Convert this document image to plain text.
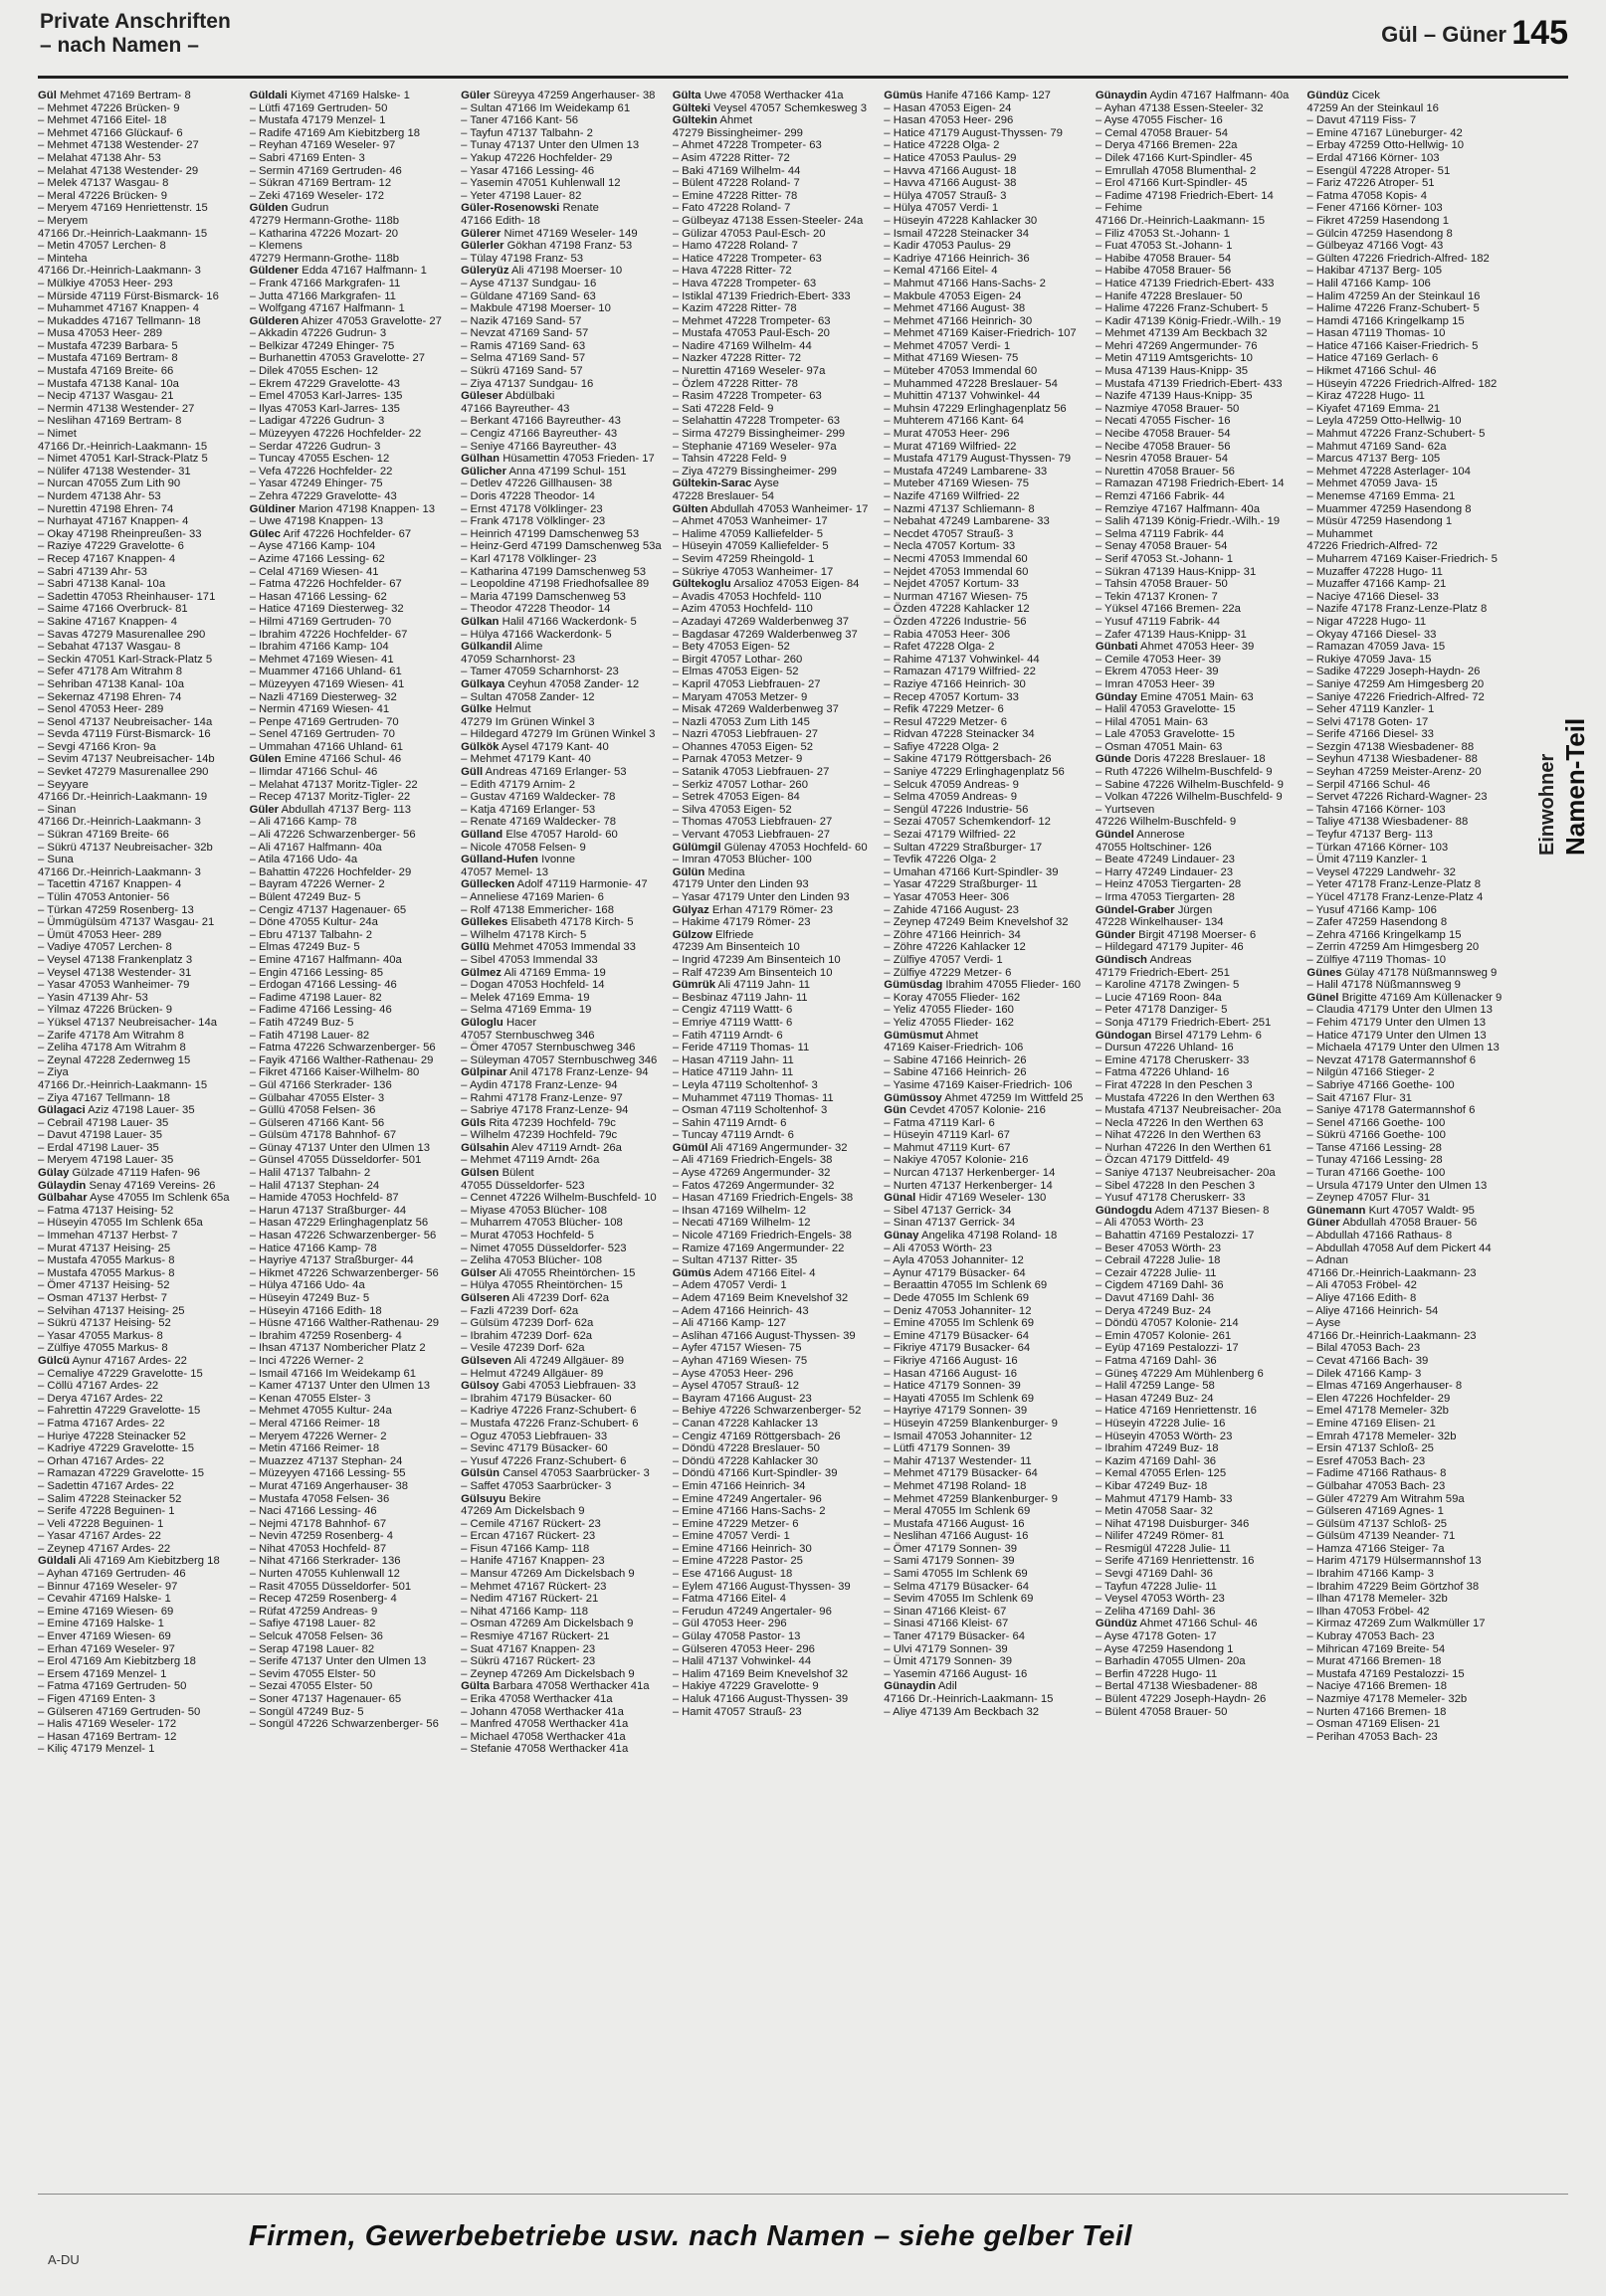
Private Anschriften
– nach Namen –	Gül – Güner 145
Gül Mehmet 47169 Bertram- 8
– Mehmet 47226 Brücken- 9
– Mehmet 47166 Eitel- 18
– Mehmet 47166 Glückauf- 6
– Mehmet 47138 Westender- 27
– Melahat 47138 Ahr- 53
– Melahat 47138 Westender- 29
– Melek 47137 Wasgau- 8
– Meral 47226 Brücken- 9
– Meryem 47169 Henriettenstr. 15
– Meryem
47166 Dr.-Heinrich-Laakmann- 15
– Metin 47057 Lerchen- 8
– Minteha
47166 Dr.-Heinrich-Laakmann- 3
– Mülkiye 47053 Heer- 293
– Mürside 47119 Fürst-Bismarck- 16
– Muhammet 47167 Knappen- 4
– Mukaddes 47167 Tellmann- 18
– Musa 47053 Heer- 289
– Mustafa 47239 Barbara- 5
– Mustafa 47169 Bertram- 8
– Mustafa 47169 Breite- 66
– Mustafa 47138 Kanal- 10a
– Necip 47137 Wasgau- 21
– Nermin 47138 Westender- 27
– Neslihan 47169 Bertram- 8
– Nimet
47166 Dr.-Heinrich-Laakmann- 15
– Nimet 47051 Karl-Strack-Platz 5
– Nülifer 47138 Westender- 31
– Nurcan 47055 Zum Lith 90
– Nurdem 47138 Ahr- 53
– Nurettin 47198 Ehren- 74
– Nurhayat 47167 Knappen- 4
– Okay 47198 Rheinpreußen- 33
– Raziye 47229 Gravelotte- 6
– Recep 47167 Knappen- 4
– Sabri 47139 Ahr- 53
– Sabri 47138 Kanal- 10a
– Sadettin 47053 Rheinhauser- 171
– Saime 47166 Overbruck- 81
– Sakine 47167 Knappen- 4
– Savas 47279 Masurenallee 290
– Sebahat 47137 Wasgau- 8
– Seckin 47051 Karl-Strack-Platz 5
– Sefer 47178 Am Witrahm 8
– Sehriban 47138 Kanal- 10a
– Sekernaz 47198 Ehren- 74
– Senol 47053 Heer- 289
– Senol 47137 Neubreisacher- 14a
– Sevda 47119 Fürst-Bismarck- 16
– Sevgi 47166 Kron- 9a
– Sevim 47137 Neubreisacher- 14b
– Sevket 47279 Masurenallee 290
– Seyyare
47166 Dr.-Heinrich-Laakmann- 19
– Sinan
47166 Dr.-Heinrich-Laakmann- 3
– Sükran 47169 Breite- 66
– Sükrü 47137 Neubreisacher- 32b
– Suna
47166 Dr.-Heinrich-Laakmann- 3
– Tacettin 47167 Knappen- 4
– Tülin 47053 Antonier- 56
– Türkan 47259 Rosenberg- 13
– Ümmügülsüm 47137 Wasgau- 21
– Ümüt 47053 Heer- 289
– Vadiye 47057 Lerchen- 8
– Veysel 47138 Frankenplatz 3
– Veysel 47138 Westender- 31
– Yasar 47053 Wanheimer- 79
– Yasin 47139 Ahr- 53
– Yilmaz 47226 Brücken- 9
– Yüksel 47137 Neubreisacher- 14a
– Zarife 47178 Am Witrahm 8
– Zeliha 47178 Am Witrahm 8
– Zeynal 47228 Zedernweg 15
– Ziya
47166 Dr.-Heinrich-Laakmann- 15
– Ziya 47167 Tellmann- 18
Gülagaci Aziz 47198 Lauer- 35
– Cebrail 47198 Lauer- 35
– Davut 47198 Lauer- 35
– Erdal 47198 Lauer- 35
– Meryem 47198 Lauer- 35
Gülay Gülzade 47119 Hafen- 96
Gülaydin Senay 47169 Vereins- 26
Gülbahar Ayse 47055 Im Schlenk 65a
– Fatma 47137 Heising- 52
– Hüseyin 47055 Im Schlenk 65a
– Immehan 47137 Herbst- 7
– Murat 47137 Heising- 25
– Mustafa 47055 Markus- 8
– Mustafa 47055 Markus- 8
– Ömer 47137 Heising- 52
– Osman 47137 Herbst- 7
– Selvihan 47137 Heising- 25
– Sükrü 47137 Heising- 52
– Yasar 47055 Markus- 8
– Zülfiye 47055 Markus- 8
Gülcü Aynur 47167 Ardes- 22
– Cemaliye 47229 Gravelotte- 15
– Cöllü 47167 Ardes- 22
– Derya 47167 Ardes- 22
– Fahrettin 47229 Gravelotte- 15
– Fatma 47167 Ardes- 22
– Huriye 47228 Steinacker 52
– Kadriye 47229 Gravelotte- 15
– Orhan 47167 Ardes- 22
– Ramazan 47229 Gravelotte- 15
– Sadettin 47167 Ardes- 22
– Salim 47228 Steinacker 52
– Serife 47228 Beguinen- 1
– Veli 47228 Beguinen- 1
– Yasar 47167 Ardes- 22
– Zeynep 47167 Ardes- 22
Güldali Ali 47169 Am Kiebitzberg 18
– Ayhan 47169 Gertruden- 46
– Binnur 47169 Weseler- 97
– Cevahir 47169 Halske- 1
– Emine 47169 Wiesen- 69
– Emine 47169 Halske- 1
– Enver 47169 Wiesen- 69
– Erhan 47169 Weseler- 97
– Erol 47169 Am Kiebitzberg 18
– Ersem 47169 Menzel- 1
– Fatma 47169 Gertruden- 50
– Figen 47169 Enten- 3
– Gülseren 47169 Gertruden- 50
– Halis 47169 Weseler- 172
– Hasan 47169 Bertram- 12
– Kiliç 47179 Menzel- 1
Güldali Kiymet 47169 Halske- 1
– Lütfi 47169 Gertruden- 50
– Mustafa 47179 Menzel- 1
– Radife 47169 Am Kiebitzberg 18
– Reyhan 47169 Weseler- 97
– Sabri 47169 Enten- 3
– Sermin 47169 Gertruden- 46
– Sükran 47169 Bertram- 12
– Zeki 47169 Weseler- 172
Gülden Gudrun
47279 Hermann-Grothe- 118b
– Katharina 47226 Mozart- 20
– Klemens
47279 Hermann-Grothe- 118b
Güldener Edda 47167 Halfmann- 1
– Frank 47166 Markgrafen- 11
– Jutta 47166 Markgrafen- 11
– Wolfgang 47167 Halfmann- 1
Gülderen Ahizer 47053 Gravelotte- 27
– Akkadin 47226 Gudrun- 3
– Belkizar 47249 Ehinger- 75
– Burhanettin 47053 Gravelotte- 27
– Dilek 47055 Eschen- 12
– Ekrem 47229 Gravelotte- 43
– Emel 47053 Karl-Jarres- 135
– Ilyas 47053 Karl-Jarres- 135
– Ladigar 47226 Gudrun- 3
– Müzeyyen 47226 Hochfelder- 22
– Serdar 47226 Gudrun- 3
– Tuncay 47055 Eschen- 12
– Vefa 47226 Hochfelder- 22
– Yasar 47249 Ehinger- 75
– Zehra 47229 Gravelotte- 43
Güldiner Marion 47198 Knappen- 13
– Uwe 47198 Knappen- 13
Gülec Arif 47226 Hochfelder- 67
– Ayse 47166 Kamp- 104
– Azime 47166 Lessing- 62
– Celal 47169 Wiesen- 41
– Fatma 47226 Hochfelder- 67
– Hasan 47166 Lessing- 62
– Hatice 47169 Diesterweg- 32
– Hilmi 47169 Gertruden- 70
– Ibrahim 47226 Hochfelder- 67
– Ibrahim 47166 Kamp- 104
– Mehmet 47169 Wiesen- 41
– Muammer 47166 Uhland- 61
– Müzeyyen 47169 Wiesen- 41
– Nazli 47169 Diesterweg- 32
– Nermin 47169 Wiesen- 41
– Penpe 47169 Gertruden- 70
– Senel 47169 Gertruden- 70
– Ummahan 47166 Uhland- 61
Gülen Emine 47166 Schul- 46
– Ilimdar 47166 Schul- 46
– Melahat 47137 Moritz-Tigler- 22
– Recep 47137 Moritz-Tigler- 22
Güler Abdullah 47137 Berg- 113
– Ali 47166 Kamp- 78
– Ali 47226 Schwarzenberger- 56
– Ali 47167 Halfmann- 40a
– Atila 47166 Udo- 4a
– Bahattin 47226 Hochfelder- 29
– Bayram 47226 Werner- 2
– Bülent 47249 Buz- 5
– Cengiz 47137 Hagenauer- 65
– Döne 47055 Kultur- 24a
– Ebru 47137 Talbahn- 2
– Elmas 47249 Buz- 5
– Emine 47167 Halfmann- 40a
– Engin 47166 Lessing- 85
– Erdogan 47166 Lessing- 46
– Fadime 47198 Lauer- 82
– Fadime 47166 Lessing- 46
– Fatih 47249 Buz- 5
– Fatih 47198 Lauer- 82
– Fatma 47226 Schwarzenberger- 56
– Fayik 47166 Walther-Rathenau- 29
– Fikret 47166 Kaiser-Wilhelm- 80
– Gül 47166 Sterkrader- 136
– Gülbahar 47055 Elster- 3
– Güllü 47058 Felsen- 36
– Gülseren 47166 Kant- 56
– Gülsüm 47178 Bahnhof- 67
– Günay 47137 Unter den Ulmen 13
– Günsel 47055 Düsseldorfer- 501
– Halil 47137 Talbahn- 2
– Halil 47137 Stephan- 24
– Hamide 47053 Hochfeld- 87
– Harun 47137 Straßburger- 44
– Hasan 47229 Erlinghagenplatz 56
– Hasan 47226 Schwarzenberger- 56
– Hatice 47166 Kamp- 78
– Hayriye 47137 Straßburger- 44
– Hikmet 47226 Schwarzenberger- 56
– Hülya 47166 Udo- 4a
– Hüseyin 47249 Buz- 5
– Hüseyin 47166 Edith- 18
– Hüsne 47166 Walther-Rathenau- 29
– Ibrahim 47259 Rosenberg- 4
– Ihsan 47137 Nombericher Platz 2
– Inci 47226 Werner- 2
– Ismail 47166 Im Weidekamp 61
– Kamer 47137 Unter den Ulmen 13
– Kenan 47055 Elster- 3
– Mehmet 47055 Kultur- 24a
– Meral 47166 Reimer- 18
– Meryem 47226 Werner- 2
– Metin 47166 Reimer- 18
– Muazzez 47137 Stephan- 24
– Müzeyyen 47166 Lessing- 55
– Murat 47169 Angerhauser- 38
– Mustafa 47058 Felsen- 36
– Naci 47166 Lessing- 46
– Nejmi 47178 Bahnhof- 67
– Nevin 47259 Rosenberg- 4
– Nihat 47053 Hochfeld- 87
– Nihat 47166 Sterkrader- 136
– Nurten 47055 Kuhlenwall 12
– Rasit 47055 Düsseldorfer- 501
– Recep 47259 Rosenberg- 4
– Rüfat 47259 Andreas- 9
– Safiye 47198 Lauer- 82
– Selcuk 47058 Felsen- 36
– Serap 47198 Lauer- 82
– Serife 47137 Unter den Ulmen 13
– Sevim 47055 Elster- 50
– Sezai 47055 Elster- 50
– Soner 47137 Hagenauer- 65
– Songül 47249 Buz- 5
– Songül 47226 Schwarzenberger- 56
Güler Süreyya 47259 Angerhauser- 38
– Sultan 47166 Im Weidekamp 61
– Taner 47166 Kant- 56
– Tayfun 47137 Talbahn- 2
– Tunay 47137 Unter den Ulmen 13
– Yakup 47226 Hochfelder- 29
– Yasar 47166 Lessing- 46
– Yasemin 47051 Kuhlenwall 12
– Yeter 47198 Lauer- 82
Güler-Rosenowski Renate
47166 Edith- 18
Gülerer Nimet 47169 Weseler- 149
Gülerler Gökhan 47198 Franz- 53
– Tülay 47198 Franz- 53
Güleryüz Ali 47198 Moerser- 10
– Ayse 47137 Sundgau- 16
– Güldane 47169 Sand- 63
– Makbule 47198 Moerser- 10
– Nazik 47169 Sand- 57
– Nevzat 47169 Sand- 57
– Ramis 47169 Sand- 63
– Selma 47169 Sand- 57
– Sükrü 47169 Sand- 57
– Ziya 47137 Sundgau- 16
Güleser Abdülbaki
47166 Bayreuther- 43
– Berkant 47166 Bayreuther- 43
– Cengiz 47166 Bayreuther- 43
– Seniye 47166 Bayreuther- 43
Gülhan Hüsamettin 47053 Frieden- 17
Gülicher Anna 47199 Schul- 151
– Detlev 47226 Gillhausen- 38
– Doris 47228 Theodor- 14
– Ernst 47178 Völklinger- 23
– Frank 47178 Völklinger- 23
– Heinrich 47199 Damschenweg 53
– Heinz-Gerd 47199 Damschenweg 53a
– Karl 47178 Völklinger- 23
– Katharina 47199 Damschenweg 53
– Leopoldine 47198 Friedhofsallee 89
– Maria 47199 Damschenweg 53
– Theodor 47228 Theodor- 14
Gülkan Halil 47166 Wackerdonk- 5
– Hülya 47166 Wackerdonk- 5
Gülkandil Alime
47059 Scharnhorst- 23
– Tamer 47059 Scharnhorst- 23
Gülkaya Ceyhun 47058 Zander- 12
– Sultan 47058 Zander- 12
Gülke Helmut
47279 Im Grünen Winkel 3
– Hildegard 47279 Im Grünen Winkel 3
Gülkök Aysel 47179 Kant- 40
– Mehmet 47179 Kant- 40
Güll Andreas 47169 Erlanger- 53
– Edith 47179 Arnim- 2
– Gustav 47169 Waldecker- 78
– Katja 47169 Erlanger- 53
– Renate 47169 Waldecker- 78
Gülland Else 47057 Harold- 60
– Nicole 47058 Felsen- 9
Gülland-Hufen Ivonne
47057 Memel- 13
Güllecken Adolf 47119 Harmonie- 47
– Anneliese 47169 Marien- 6
– Rolf 47138 Emmericher- 168
Güllekes Elisabeth 47178 Kirch- 5
– Wilhelm 47178 Kirch- 5
Güllü Mehmet 47053 Immendal 33
– Sibel 47053 Immendal 33
Gülmez Ali 47169 Emma- 19
– Dogan 47053 Hochfeld- 14
– Melek 47169 Emma- 19
– Selma 47169 Emma- 19
Güloglu Hacer
47057 Sternbuschweg 346
– Ömer 47057 Sternbuschweg 346
– Süleyman 47057 Sternbuschweg 346
Gülpinar Anil 47178 Franz-Lenze- 94
– Aydin 47178 Franz-Lenze- 94
– Rahmi 47178 Franz-Lenze- 97
– Sabriye 47178 Franz-Lenze- 94
Güls Rita 47239 Hochfeld- 79c
– Wilhelm 47239 Hochfeld- 79c
Gülsahin Alev 47119 Arndt- 26a
– Mehmet 47119 Arndt- 26a
Gülsen Bülent
47055 Düsseldorfer- 523
– Cennet 47226 Wilhelm-Buschfeld- 10
– Miyase 47053 Blücher- 108
– Muharrem 47053 Blücher- 108
– Murat 47053 Hochfeld- 5
– Nimet 47055 Düsseldorfer- 523
– Zeliha 47053 Blücher- 108
Gülser Ali 47055 Rheintörchen- 15
– Hülya 47055 Rheintörchen- 15
Gülseren Ali 47239 Dorf- 62a
– Fazli 47239 Dorf- 62a
– Gülsüm 47239 Dorf- 62a
– Ibrahim 47239 Dorf- 62a
– Vesile 47239 Dorf- 62a
Gülseven Ali 47249 Allgäuer- 89
– Helmut 47249 Allgäuer- 89
Gülsoy Gabi 47053 Liebfrauen- 33
– Ibrahim 47179 Büsacker- 60
– Kadriye 47226 Franz-Schubert- 6
– Mustafa 47226 Franz-Schubert- 6
– Oguz 47053 Liebfrauen- 33
– Sevinc 47179 Büsacker- 60
– Yusuf 47226 Franz-Schubert- 6
Gülsün Cansel 47053 Saarbrücker- 3
– Saffet 47053 Saarbrücker- 3
Gülsuyu Bekire
47269 Am Dickelsbach 9
– Cemile 47167 Rückert- 23
– Ercan 47167 Rückert- 23
– Fisun 47166 Kamp- 118
– Hanife 47167 Knappen- 23
– Mansur 47269 Am Dickelsbach 9
– Mehmet 47167 Rückert- 23
– Nedim 47167 Rückert- 21
– Nihat 47166 Kamp- 118
– Osman 47269 Am Dickelsbach 9
– Resmiye 47167 Rückert- 21
– Suat 47167 Knappen- 23
– Sükrü 47167 Rückert- 23
– Zeynep 47269 Am Dickelsbach 9
Gülta Barbara 47058 Werthacker 41a
– Erika 47058 Werthacker 41a
– Johann 47058 Werthacker 41a
– Manfred 47058 Werthacker 41a
– Michael 47058 Werthacker 41a
– Stefanie 47058 Werthacker 41a
Gülta Uwe 47058 Werthacker 41a
Gülteki Veysel 47057 Schemkesweg 3
Gültekin Ahmet
47279 Bissingheimer- 299
– Ahmet 47228 Trompeter- 63
– Asim 47228 Ritter- 72
– Baki 47169 Wilhelm- 44
– Bülent 47228 Roland- 7
– Emine 47228 Ritter- 78
– Fato 47228 Roland- 7
– Gülbeyaz 47138 Essen-Steeler- 24a
– Gülizar 47053 Paul-Esch- 20
– Hamo 47228 Roland- 7
– Hatice 47228 Trompeter- 63
– Hava 47228 Ritter- 72
– Hava 47228 Trompeter- 63
– Istiklal 47139 Friedrich-Ebert- 333
– Kazim 47228 Ritter- 78
– Mehmet 47228 Trompeter- 63
– Mustafa 47053 Paul-Esch- 20
– Nadire 47169 Wilhelm- 44
– Nazker 47228 Ritter- 72
– Nurettin 47169 Weseler- 97a
– Özlem 47228 Ritter- 78
– Rasim 47228 Trompeter- 63
– Sati 47228 Feld- 9
– Selahattin 47228 Trompeter- 63
– Sirma 47279 Bissingheimer- 299
– Stephanie 47169 Weseler- 97a
– Tahsin 47228 Feld- 9
– Ziya 47279 Bissingheimer- 299
Gültekin-Sarac Ayse
47228 Breslauer- 54
Gülten Abdullah 47053 Wanheimer- 17
– Ahmet 47053 Wanheimer- 17
– Halime 47059 Kalliefelder- 5
– Hüseyin 47059 Kalliefelder- 5
– Sevim 47259 Rheingold- 1
– Sükriye 47053 Wanheimer- 17
Gültekoglu Arsalioz 47053 Eigen- 84
– Avadis 47053 Hochfeld- 110
– Azim 47053 Hochfeld- 110
– Azadayi 47269 Walderbenweg 37
– Bagdasar 47269 Walderbenweg 37
– Bety 47053 Eigen- 52
– Birgit 47057 Lothar- 260
– Elmas 47053 Eigen- 52
– Kapril 47053 Liebfrauen- 27
– Maryam 47053 Metzer- 9
– Misak 47269 Walderbenweg 37
– Nazli 47053 Zum Lith 145
– Nazri 47053 Liebfrauen- 27
– Ohannes 47053 Eigen- 52
– Parnak 47053 Metzer- 9
– Satanik 47053 Liebfrauen- 27
– Serkiz 47057 Lothar- 260
– Setrek 47053 Eigen- 84
– Silva 47053 Eigen- 52
– Thomas 47053 Liebfrauen- 27
– Vervant 47053 Liebfrauen- 27
Gülümgil Gülenay 47053 Hochfeld- 60
– Imran 47053 Blücher- 100
Gülün Medina
47179 Unter den Linden 93
– Yasar 47179 Unter den Linden 93
Gülyaz Erhan 47179 Römer- 23
– Hakime 47179 Römer- 23
Gülzow Elfriede
47239 Am Binsenteich 10
– Ingrid 47239 Am Binsenteich 10
– Ralf 47239 Am Binsenteich 10
Gümrük Ali 47119 Jahn- 11
– Besbinaz 47119 Jahn- 11
– Cengiz 47119 Wattt- 6
– Emriye 47119 Wattt- 6
– Fatih 47119 Arndt- 6
– Feride 47119 Thomas- 11
– Hasan 47119 Jahn- 11
– Hatice 47119 Jahn- 11
– Leyla 47119 Scholtenhof- 3
– Muhammet 47119 Thomas- 11
– Osman 47119 Scholtenhof- 3
– Sahin 47119 Arndt- 6
– Tuncay 47119 Arndt- 6
Gümül Ali 47169 Angermunder- 32
– Ali 47169 Friedrich-Engels- 38
– Ayse 47269 Angermunder- 32
– Fatos 47269 Angermunder- 32
– Hasan 47169 Friedrich-Engels- 38
– Ihsan 47169 Wilhelm- 12
– Necati 47169 Wilhelm- 12
– Nicole 47169 Friedrich-Engels- 38
– Ramize 47169 Angermunder- 22
– Sultan 47137 Ritter- 35
Gümüs Adem 47166 Eitel- 4
– Adem 47057 Verdi- 1
– Adem 47169 Beim Knevelshof 32
– Adem 47166 Heinrich- 43
– Ali 47166 Kamp- 127
– Aslihan 47166 August-Thyssen- 39
– Ayfer 47157 Wiesen- 75
– Ayhan 47169 Wiesen- 75
– Ayse 47053 Heer- 296
– Aysel 47057 Strauß- 12
– Bayram 47166 August- 23
– Behiye 47226 Schwarzenberger- 52
– Canan 47228 Kahlacker 13
– Cengiz 47169 Röttgersbach- 26
– Döndü 47228 Breslauer- 50
– Döndü 47228 Kahlacker 30
– Döndü 47166 Kurt-Spindler- 39
– Emin 47166 Heinrich- 34
– Emine 47249 Angertaler- 96
– Emine 47166 Hans-Sachs- 2
– Emine 47229 Metzer- 6
– Emine 47057 Verdi- 1
– Emine 47166 Heinrich- 30
– Emine 47228 Pastor- 25
– Ese 47166 August- 18
– Eylem 47166 August-Thyssen- 39
– Fatma 47166 Eitel- 4
– Ferudun 47249 Angertaler- 96
– Gül 47053 Heer- 296
– Gülay 47058 Pastor- 13
– Gülseren 47053 Heer- 296
– Halil 47137 Vohwinkel- 44
– Halim 47169 Beim Knevelshof 32
– Hakiye 47229 Gravelotte- 9
– Haluk 47166 August-Thyssen- 39
– Hamit 47057 Strauß- 23
Gümüs Hanife 47166 Kamp- 127
– Hasan 47053 Eigen- 24
– Hasan 47053 Heer- 296
– Hatice 47179 August-Thyssen- 79
– Hatice 47228 Olga- 2
– Hatice 47053 Paulus- 29
– Havva 47166 August- 18
– Havva 47166 August- 38
– Hülya 47057 Strauß- 3
– Hülya 47057 Verdi- 1
– Hüseyin 47228 Kahlacker 30
– Ismail 47228 Steinacker 34
– Kadir 47053 Paulus- 29
– Kadriye 47166 Heinrich- 36
– Kemal 47166 Eitel- 4
– Mahmut 47166 Hans-Sachs- 2
– Makbule 47053 Eigen- 24
– Mehmet 47166 August- 38
– Mehmet 47166 Heinrich- 30
– Mehmet 47169 Kaiser-Friedrich- 107
– Mehmet 47057 Verdi- 1
– Mithat 47169 Wiesen- 75
– Müteber 47053 Immendal 60
– Muhammed 47228 Breslauer- 54
– Muhittin 47137 Vohwinkel- 44
– Muhsin 47229 Erlinghagenplatz 56
– Muhterem 47166 Kant- 64
– Murat 47053 Heer- 296
– Murat 47169 Wilfried- 22
– Mustafa 47179 August-Thyssen- 79
– Mustafa 47249 Lambarene- 33
– Muteber 47169 Wiesen- 75
– Nazife 47169 Wilfried- 22
– Nazmi 47137 Schliemann- 8
– Nebahat 47249 Lambarene- 33
– Necdet 47057 Strauß- 3
– Necla 47057 Kortum- 33
– Necmi 47053 Immendal 60
– Nejdet 47053 Immendal 60
– Nejdet 47057 Kortum- 33
– Nurman 47167 Wiesen- 75
– Özden 47228 Kahlacker 12
– Özden 47226 Industrie- 56
– Rabia 47053 Heer- 306
– Rafet 47228 Olga- 2
– Rahime 47137 Vohwinkel- 44
– Ramazan 47179 Wilfried- 22
– Raziye 47166 Heinrich- 30
– Recep 47057 Kortum- 33
– Refik 47229 Metzer- 6
– Resul 47229 Metzer- 6
– Ridvan 47228 Steinacker 34
– Safiye 47228 Olga- 2
– Sakine 47179 Röttgersbach- 26
– Saniye 47229 Erlinghagenplatz 56
– Selcuk 47059 Andreas- 9
– Selma 47059 Andreas- 9
– Sengül 47226 Industrie- 56
– Sezai 47057 Schemkendorf- 12
– Sezai 47179 Wilfried- 22
– Sultan 47229 Straßburger- 17
– Tevfik 47226 Olga- 2
– Umahan 47166 Kurt-Spindler- 39
– Yasar 47229 Straßburger- 11
– Yasar 47053 Heer- 306
– Zahide 47166 August- 23
– Zeynep 47249 Beim Knevelshof 32
– Zöhre 47166 Heinrich- 34
– Zöhre 47226 Kahlacker 12
– Zülfiye 47057 Verdi- 1
– Zülfiye 47229 Metzer- 6
Gümüsdag Ibrahim 47055 Flieder- 160
– Koray 47055 Flieder- 162
– Yeliz 47055 Flieder- 160
– Yeliz 47055 Flieder- 162
Gümüsmut Ahmet
47169 Kaiser-Friedrich- 106
– Sabine 47166 Heinrich- 26
– Sabine 47166 Heinrich- 26
– Yasime 47169 Kaiser-Friedrich- 106
Gümüssoy Ahmet 47259 Im Wittfeld 25
Gün Cevdet 47057 Kolonie- 216
– Fatma 47119 Karl- 6
– Hüseyin 47119 Karl- 67
– Mahmut 47119 Kurt- 67
– Nakiye 47057 Kolonie- 216
– Nurcan 47137 Herkenberger- 14
– Nurten 47137 Herkenberger- 14
Günal Hidir 47169 Weseler- 130
– Sibel 47137 Gerrick- 34
– Sinan 47137 Gerrick- 34
Günay Angelika 47198 Roland- 18
– Ali 47053 Wörth- 23
– Ayla 47053 Johanniter- 12
– Aynur 47179 Büsacker- 64
– Beraattin 47055 Im Schlenk 69
– Dede 47055 Im Schlenk 69
– Deniz 47053 Johanniter- 12
– Emine 47055 Im Schlenk 69
– Emine 47179 Büsacker- 64
– Fikriye 47179 Busacker- 64
– Fikriye 47166 August- 16
– Hasan 47166 August- 16
– Hatice 47179 Sonnen- 39
– Hayati 47055 Im Schlenk 69
– Hayriye 47179 Sonnen- 39
– Hüseyin 47259 Blankenburger- 9
– Ismail 47053 Johanniter- 12
– Lütfi 47179 Sonnen- 39
– Mahir 47137 Westender- 11
– Mehmet 47179 Büsacker- 64
– Mehmet 47198 Roland- 18
– Mehmet 47259 Blankenburger- 9
– Meral 47055 Im Schlenk 69
– Mustafa 47166 August- 16
– Neslihan 47166 August- 16
– Ömer 47179 Sonnen- 39
– Sami 47179 Sonnen- 39
– Sami 47055 Im Schlenk 69
– Selma 47179 Büsacker- 64
– Sevim 47055 Im Schlenk 69
– Sinan 47166 Kleist- 67
– Sinasi 47166 Kleist- 67
– Taner 47179 Büsacker- 64
– Ulvi 47179 Sonnen- 39
– Ümit 47179 Sonnen- 39
– Yasemin 47166 August- 16
Günaydin Adil
47166 Dr.-Heinrich-Laakmann- 15
– Aliye 47139 Am Beckbach 32
Günaydin Aydin 47167 Halfmann- 40a
– Ayhan 47138 Essen-Steeler- 32
– Ayse 47055 Fischer- 16
– Cemal 47058 Brauer- 54
– Derya 47166 Bremen- 22a
– Dilek 47166 Kurt-Spindler- 45
– Emrullah 47058 Blumenthal- 2
– Erol 47166 Kurt-Spindler- 45
– Fadime 47198 Friedrich-Ebert- 14
– Fehime
47166 Dr.-Heinrich-Laakmann- 15
– Filiz 47053 St.-Johann- 1
– Fuat 47053 St.-Johann- 1
– Habibe 47058 Brauer- 54
– Habibe 47058 Brauer- 56
– Hatice 47139 Friedrich-Ebert- 433
– Hanife 47228 Breslauer- 50
– Halime 47226 Franz-Schubert- 5
– Kadir 47139 König-Friedr.-Wilh.- 19
– Mehmet 47139 Am Beckbach 32
– Mehri 47269 Angermunder- 76
– Metin 47119 Amtsgerichts- 10
– Musa 47139 Haus-Knipp- 35
– Mustafa 47139 Friedrich-Ebert- 433
– Nazife 47139 Haus-Knipp- 35
– Nazmiye 47058 Brauer- 50
– Necati 47055 Fischer- 16
– Necibe 47058 Brauer- 54
– Necibe 47058 Brauer- 56
– Nesrin 47058 Brauer- 54
– Nurettin 47058 Brauer- 56
– Ramazan 47198 Friedrich-Ebert- 14
– Remzi 47166 Fabrik- 44
– Remziye 47167 Halfmann- 40a
– Salih 47139 König-Friedr.-Wilh.- 19
– Selma 47119 Fabrik- 44
– Senay 47058 Brauer- 54
– Serif 47053 St.-Johann- 1
– Sükran 47139 Haus-Knipp- 31
– Tahsin 47058 Brauer- 50
– Tekin 47137 Kronen- 7
– Yüksel 47166 Bremen- 22a
– Yusuf 47119 Fabrik- 44
– Zafer 47139 Haus-Knipp- 31
Günbati Ahmet 47053 Heer- 39
– Cemile 47053 Heer- 39
– Ekrem 47053 Heer- 39
– Imran 47053 Heer- 39
Günday Emine 47051 Main- 63
– Halil 47053 Gravelotte- 15
– Hilal 47051 Main- 63
– Lale 47053 Gravelotte- 15
– Osman 47051 Main- 63
Günde Doris 47228 Breslauer- 18
– Ruth 47226 Wilhelm-Buschfeld- 9
– Sabine 47226 Wilhelm-Buschfeld- 9
– Volkan 47226 Wilhelm-Buschfeld- 9
– Yurtseven
47226 Wilhelm-Buschfeld- 9
Gündel Annerose
47055 Holtschiner- 126
– Beate 47249 Lindauer- 23
– Harry 47249 Lindauer- 23
– Heinz 47053 Tiergarten- 28
– Irma 47053 Tiergarten- 28
Gündel-Graber Jürgen
47228 Winkelhauser- 134
Günder Birgit 47198 Moerser- 6
– Hildegard 47179 Jupiter- 46
Gündisch Andreas
47179 Friedrich-Ebert- 251
– Karoline 47178 Zwingen- 5
– Lucie 47169 Roon- 84a
– Peter 47178 Danziger- 5
– Sonja 47179 Friedrich-Ebert- 251
Gündogan Birsel 47179 Lehm- 6
– Dursun 47226 Uhland- 16
– Emine 47178 Cheruskerr- 33
– Fatma 47226 Uhland- 16
– Firat 47228 In den Peschen 3
– Mustafa 47226 In den Werthen 63
– Mustafa 47137 Neubreisacher- 20a
– Necla 47226 In den Werthen 63
– Nihat 47226 In den Werthen 63
– Nurhan 47226 In den Werthen 61
– Özcan 47179 Dittfeld- 49
– Saniye 47137 Neubreisacher- 20a
– Sibel 47228 In den Peschen 3
– Yusuf 47178 Cheruskerr- 33
Gündogdu Adem 47137 Biesen- 8
– Ali 47053 Wörth- 23
– Bahattin 47169 Pestalozzi- 17
– Beser 47053 Wörth- 23
– Cebrail 47228 Julie- 18
– Cezair 47228 Julie- 11
– Cigdem 47169 Dahl- 36
– Davut 47169 Dahl- 36
– Derya 47249 Buz- 24
– Döndü 47057 Kolonie- 214
– Emin 47057 Kolonie- 261
– Eyüp 47169 Pestalozzi- 17
– Fatma 47169 Dahl- 36
– Güneş 47229 Am Mühlenberg 6
– Halil 47259 Lange- 58
– Hasan 47249 Buz- 24
– Hatice 47169 Henriettenstr. 16
– Hüseyin 47228 Julie- 16
– Hüseyin 47053 Wörth- 23
– Ibrahim 47249 Buz- 18
– Kazim 47169 Dahl- 36
– Kemal 47055 Erlen- 125
– Kibar 47249 Buz- 18
– Mahmut 47179 Hamb- 33
– Metin 47058 Saar- 32
– Nihat 47198 Duisburger- 346
– Nilifer 47249 Römer- 81
– Resmigül 47228 Julie- 11
– Serife 47169 Henriettenstr. 16
– Sevgi 47169 Dahl- 36
– Tayfun 47228 Julie- 11
– Veysel 47053 Wörth- 23
– Zeliha 47169 Dahl- 36
Gündüz Ahmet 47166 Schul- 46
– Ayse 47178 Goten- 17
– Ayse 47259 Hasendong 1
– Barhadin 47055 Ulmen- 20a
– Berfin 47228 Hugo- 11
– Bertal 47138 Wiesbadener- 88
– Bülent 47229 Joseph-Haydn- 26
– Bülent 47058 Brauer- 50
Gündüz Cicek
47259 An der Steinkaul 16
– Davut 47119 Fiss- 7
– Emine 47167 Lüneburger- 42
– Erbay 47259 Otto-Hellwig- 10
– Erdal 47166 Körner- 103
– Esengül 47228 Atroper- 51
– Fariz 47226 Atroper- 51
– Fatma 47058 Kopis- 4
– Fener 47166 Körner- 103
– Fikret 47259 Hasendong 1
– Gülcin 47259 Hasendong 8
– Gülbeyaz 47166 Vogt- 43
– Gülten 47226 Friedrich-Alfred- 182
– Hakibar 47137 Berg- 105
– Halil 47166 Kamp- 106
– Halim 47259 An der Steinkaul 16
– Halime 47226 Franz-Schubert- 5
– Hamdi 47166 Kringelkamp 15
– Hasan 47119 Thomas- 10
– Hatice 47166 Kaiser-Friedrich- 5
– Hatice 47169 Gerlach- 6
– Hikmet 47166 Schul- 46
– Hüseyin 47226 Friedrich-Alfred- 182
– Kiraz 47228 Hugo- 11
– Kiyafet 47169 Emma- 21
– Leyla 47259 Otto-Hellwig- 10
– Mahmut 47226 Franz-Schubert- 5
– Mahmut 47169 Sand- 62a
– Marcus 47137 Berg- 105
– Mehmet 47228 Asterlager- 104
– Mehmet 47059 Java- 15
– Menemse 47169 Emma- 21
– Muammer 47259 Hasendong 8
– Müsür 47259 Hasendong 1
– Muhammet
47226 Friedrich-Alfred- 72
– Muharrem 47169 Kaiser-Friedrich- 5
– Muzaffer 47228 Hugo- 11
– Muzaffer 47166 Kamp- 21
– Naciye 47166 Diesel- 33
– Nazife 47178 Franz-Lenze-Platz 8
– Nigar 47228 Hugo- 11
– Okyay 47166 Diesel- 33
– Ramazan 47059 Java- 15
– Rukiye 47059 Java- 15
– Sadike 47229 Joseph-Haydn- 26
– Saniye 47259 Am Himgesberg 20
– Saniye 47226 Friedrich-Alfred- 72
– Seher 47119 Kanzler- 1
– Selvi 47178 Goten- 17
– Serife 47166 Diesel- 33
– Sezgin 47138 Wiesbadener- 88
– Seyhun 47138 Wiesbadener- 88
– Seyhan 47259 Meister-Arenz- 20
– Serpil 47166 Schul- 46
– Servet 47226 Richard-Wagner- 23
– Tahsin 47166 Körner- 103
– Taliye 47138 Wiesbadener- 88
– Teyfur 47137 Berg- 113
– Türkan 47166 Körner- 103
– Ümit 47119 Kanzler- 1
– Veysel 47229 Landwehr- 32
– Yeter 47178 Franz-Lenze-Platz 8
– Yücel 47178 Franz-Lenze-Platz 4
– Yusuf 47166 Kamp- 106
– Zafer 47259 Hasendong 8
– Zehra 47166 Kringelkamp 15
– Zerrin 47259 Am Himgesberg 20
– Zülfiye 47119 Thomas- 10
Günes Gülay 47178 Nüßmannsweg 9
– Halil 47178 Nüßmannsweg 9
Günel Brigitte 47169 Am Küllenacker 9
– Claudia 47179 Unter den Ulmen 13
– Fehim 47179 Unter den Ulmen 13
– Hatice 47179 Unter den Ulmen 13
– Michaela 47179 Unter den Ulmen 13
– Nevzat 47178 Gatermannshof 6
– Nilgün 47166 Stieger- 2
– Sabriye 47166 Goethe- 100
– Sait 47167 Flur- 31
– Saniye 47178 Gatermannshof 6
– Senel 47166 Goethe- 100
– Sükrü 47166 Goethe- 100
– Tanse 47166 Lessing- 28
– Tunay 47166 Lessing- 28
– Turan 47166 Goethe- 100
– Ursula 47179 Unter den Ulmen 13
– Zeynep 47057 Flur- 31
Günemann Kurt 47057 Waldt- 95
Güner Abdullah 47058 Brauer- 56
– Abdullah 47166 Rathaus- 8
– Abdullah 47058 Auf dem Pickert 44
– Adnan
47166 Dr.-Heinrich-Laakmann- 23
– Ali 47053 Fröbel- 42
– Aliye 47166 Edith- 8
– Aliye 47166 Heinrich- 54
– Ayse
47166 Dr.-Heinrich-Laakmann- 23
– Bilal 47053 Bach- 23
– Cevat 47166 Bach- 39
– Dilek 47166 Kamp- 3
– Elmas 47169 Angerhauser- 8
– Elen 47226 Hochfelder- 29
– Emel 47178 Memeler- 32b
– Emine 47169 Elisen- 21
– Emrah 47178 Memeler- 32b
– Ersin 47137 Schloß- 25
– Esref 47053 Bach- 23
– Fadime 47166 Rathaus- 8
– Gülbahar 47053 Bach- 23
– Güler 47279 Am Witrahm 59a
– Gülseren 47169 Agnes- 1
– Gülsüm 47137 Schloß- 25
– Gülsüm 47139 Neander- 71
– Hamza 47166 Steiger- 7a
– Harim 47179 Hülsermannshof 13
– Ibrahim 47166 Kamp- 3
– Ibrahim 47229 Beim Görtzhof 38
– Ilhan 47178 Memeler- 32b
– Ilhan 47053 Fröbel- 42
– Kirmaz 47269 Zum Walkmüller 17
– Kubray 47053 Bach- 23
– Mihrican 47169 Breite- 54
– Murat 47166 Bremen- 18
– Mustafa 47169 Pestalozzi- 15
– Naciye 47166 Bremen- 18
– Nazmiye 47178 Memeler- 32b
– Nurten 47166 Bremen- 18
– Osman 47169 Elisen- 21
– Perihan 47053 Bach- 23
Einwohner Namen-Teil
A-DU
Firmen, Gewerbebetriebe usw. nach Namen – siehe gelber Teil
